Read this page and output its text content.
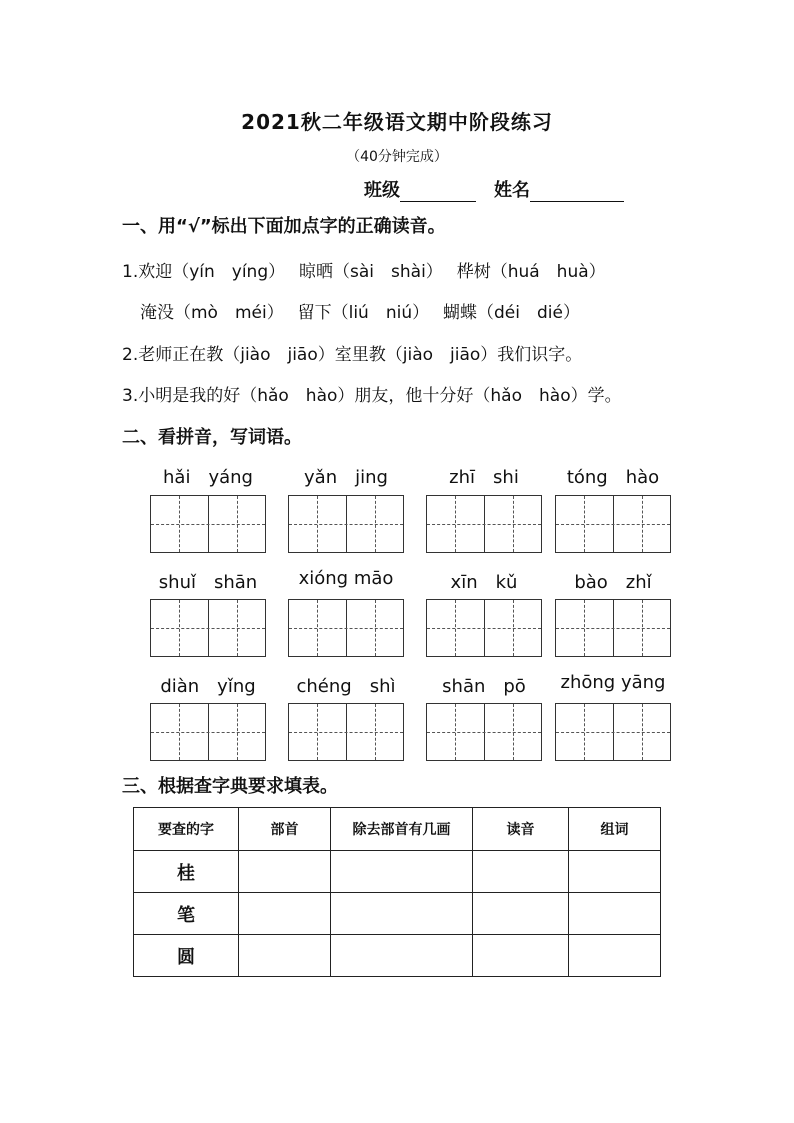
2021秋二年级语文期中阶段练习
（40分钟完成）
班级	姓名
一、用“√”标出下面加点字的正确读音。
1.欢迎（yín　yíng）　 晾晒（sài　shài）　 桦树（huá　huà）
淹没（mò　méi）　 留下（liú　niú）　 蝴蝶（déi　dié）
2.老师正在教（jiào　jiāo）室里教（jiào　jiāo）我们识字。
3.小明是我的好（hǎo　hào）朋友，他十分好（hǎo　hào）学。
二、看拼音，写词语。
hǎi　yáng	yǎn　jing	zhī　shi	tóng　hào
shuǐ　shān	xióng māo	xīn　kǔ	bào　zhǐ
diàn　yǐng	chéng　shì	shān　pō	zhōng yāng
三、根据查字典要求填表。
要查的字	部首	除去部首有几画	读音	组词
桂				
笔				
圆				
